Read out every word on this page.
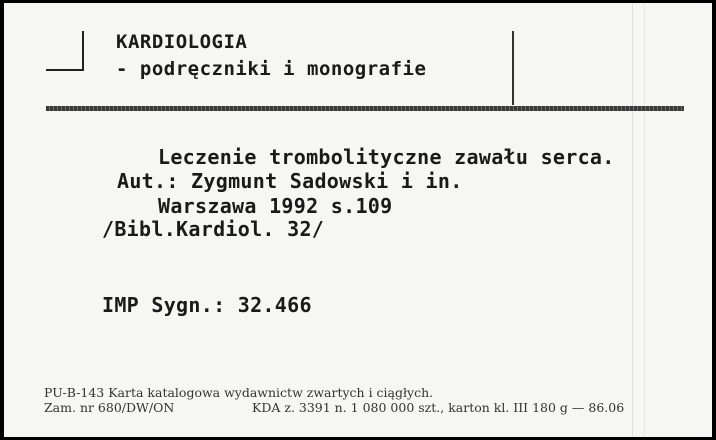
KARDIOLOGIA
- podręczniki i monografie
Leczenie trombolityczne zawału serca.
Aut.: Zygmunt Sadowski i in.
Warszawa 1992 s.109
/Bibl.Kardiol. 32/
IMP Sygn.: 32.466
PU-B-143 Karta katalogowa wydawnictw zwartych i ciągłych.
Zam. nr 680/DW/ON	KDA z. 3391 n. 1 080 000 szt., karton kl. III 180 g — 86.06
